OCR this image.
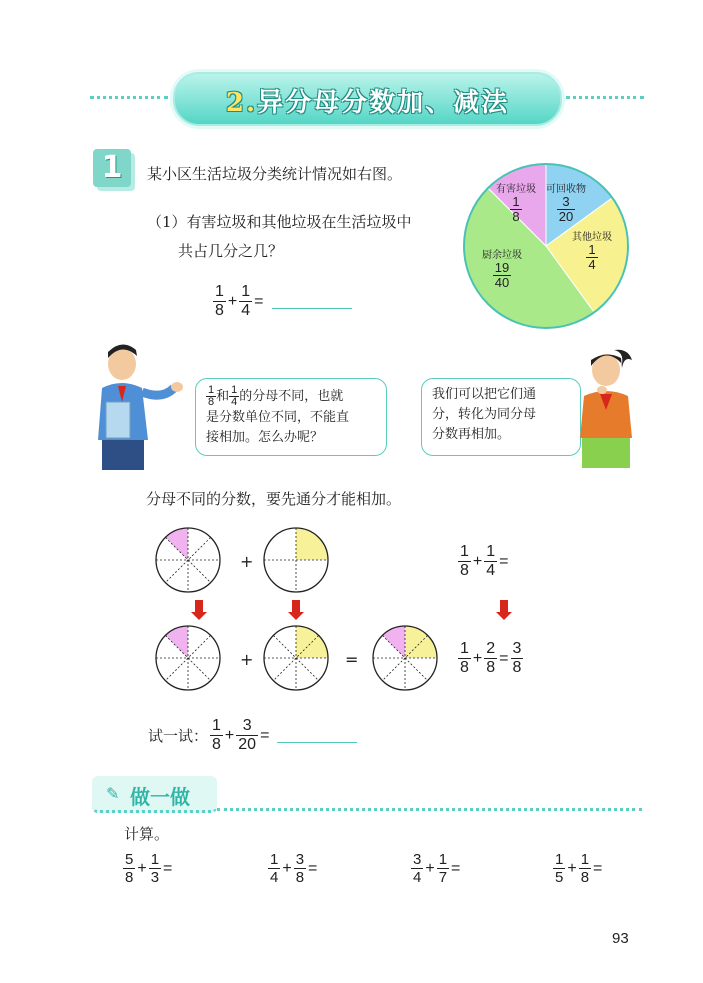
2.异分母分数加、减法
1	某小区生活垃圾分类统计情况如右图。
（1）有害垃圾和其他垃圾在生活垃圾中
共占几分之几？
$\frac{1}{8} + \frac{1}{4}$ =
有害垃圾
$\frac{1}{8}$
可回收物
$\frac{3}{20}$
其他垃圾
$\frac{1}{4}$
厨余垃圾
$\frac{19}{40}$
$\frac{1}{8}$ 和 $\frac{1}{4}$ 的分母不同，也就
是分数单位不同，不能直
接相加。怎么办呢？
我们可以把它们通
分，转化为同分母
分数再相加。
分母不同的分数，要先通分才能相加。
+
+	=
$\frac{1}{8} + \frac{1}{4}$ =
$\frac{1}{8} + \frac{2}{8} = \frac{3}{8}$
试一试： $\frac{1}{8} + \frac{3}{20}$ =
✎ 做一做
计算。
$\frac{5}{8} + \frac{1}{3}$ =	$\frac{1}{4} + \frac{3}{8}$ =	$\frac{3}{4} + \frac{1}{7}$ =	$\frac{1}{5} + \frac{1}{8}$ =
93
